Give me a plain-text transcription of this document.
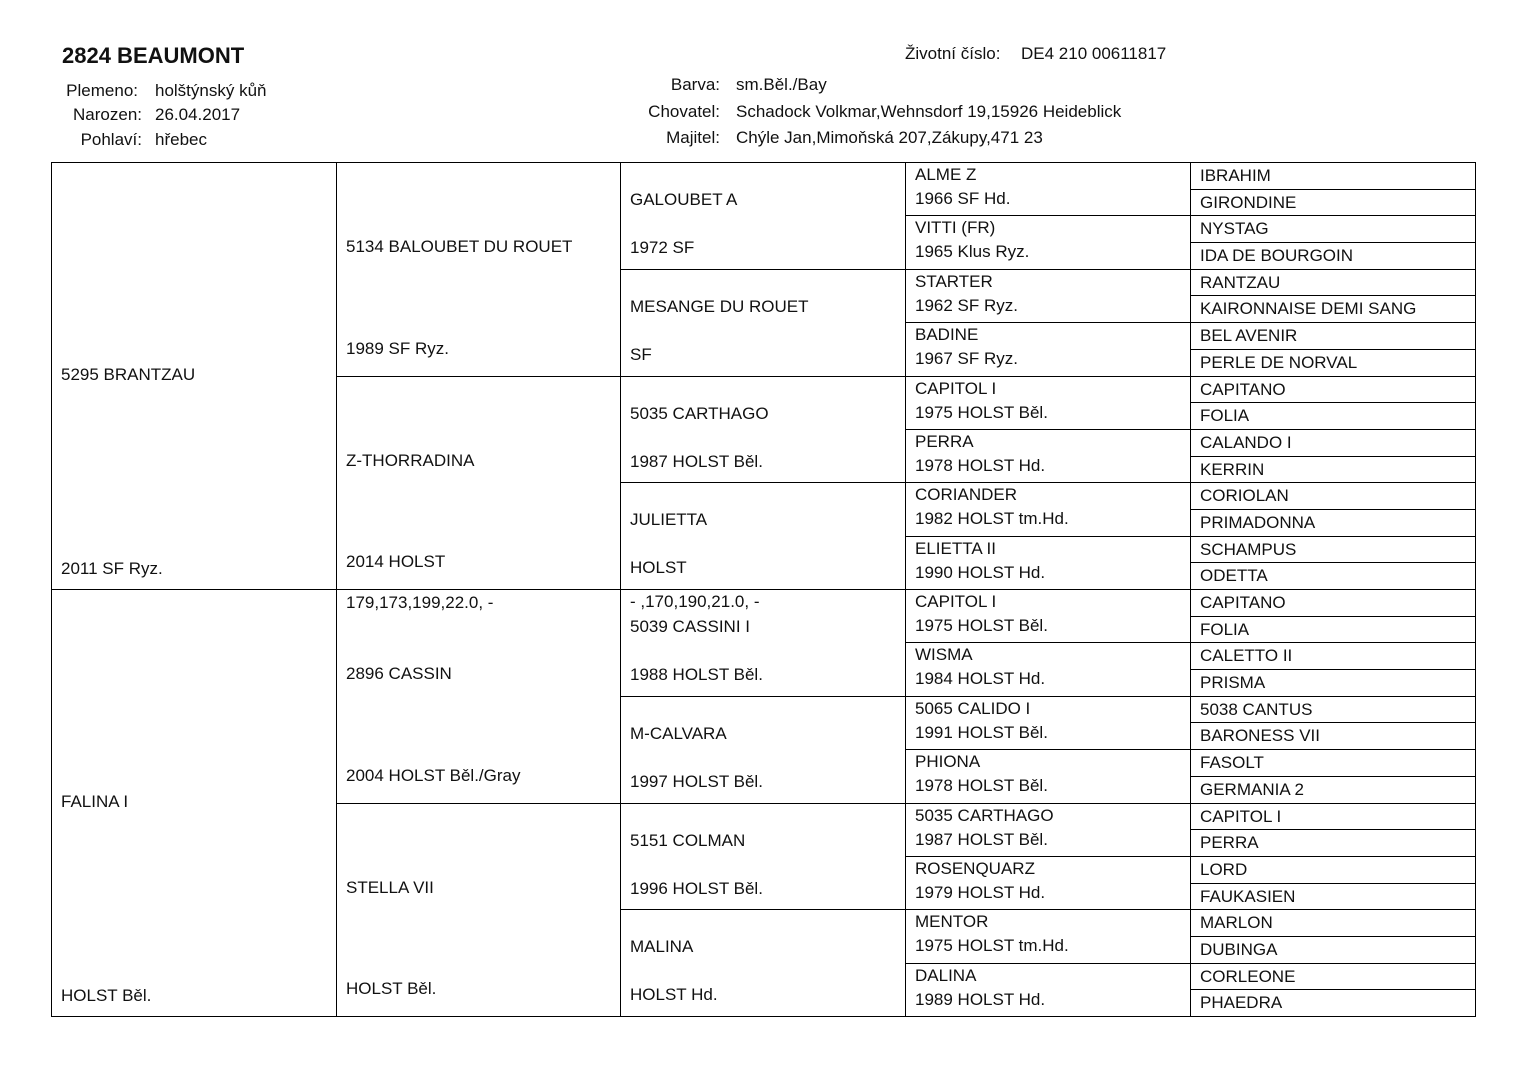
2824 BEAUMONT	Životní číslo:	DE4 210 00611817
Plemeno: holštýnský kůň
Narozen: 26.04.2017
Pohlaví: hřebec
Barva: sm.Běl./Bay
Chovatel: Schadock Volkmar,Wehnsdorf 19,15926 Heideblick
Majitel: Chýle Jan,Mimoňská 207,Zákupy,471 23
5295 BRANTZAU
2011 SF Ryz.
FALINA I
HOLST Běl.
5134 BALOUBET DU ROUET
1989 SF Ryz.
Z-THORRADINA
2014 HOLST
179,173,199,22.0, -
2896 CASSIN
2004 HOLST Běl./Gray
STELLA VII
HOLST Běl.
GALOUBET A
1972 SF
MESANGE DU ROUET
SF
5035 CARTHAGO
1987 HOLST Běl.
JULIETTA
HOLST
- ,170,190,21.0, -
5039 CASSINI I
1988 HOLST Běl.
M-CALVARA
1997 HOLST Běl.
5151 COLMAN
1996 HOLST Běl.
MALINA
HOLST Hd.
ALME Z
1966 SF Hd.
VITTI (FR)
1965 Klus Ryz.
STARTER
1962 SF Ryz.
BADINE
1967 SF Ryz.
CAPITOL I
1975 HOLST Běl.
PERRA
1978 HOLST Hd.
CORIANDER
1982 HOLST tm.Hd.
ELIETTA II
1990 HOLST Hd.
CAPITOL I
1975 HOLST Běl.
WISMA
1984 HOLST Hd.
5065 CALIDO I
1991 HOLST Běl.
PHIONA
1978 HOLST Běl.
5035 CARTHAGO
1987 HOLST Běl.
ROSENQUARZ
1979 HOLST Hd.
MENTOR
1975 HOLST tm.Hd.
DALINA
1989 HOLST Hd.
IBRAHIM
GIRONDINE
NYSTAG
IDA DE BOURGOIN
RANTZAU
KAIRONNAISE DEMI SANG
BEL AVENIR
PERLE DE NORVAL
CAPITANO
FOLIA
CALANDO I
KERRIN
CORIOLAN
PRIMADONNA
SCHAMPUS
ODETTA
CAPITANO
FOLIA
CALETTO II
PRISMA
5038 CANTUS
BARONESS VII
FASOLT
GERMANIA 2
CAPITOL I
PERRA
LORD
FAUKASIEN
MARLON
DUBINGA
CORLEONE
PHAEDRA
